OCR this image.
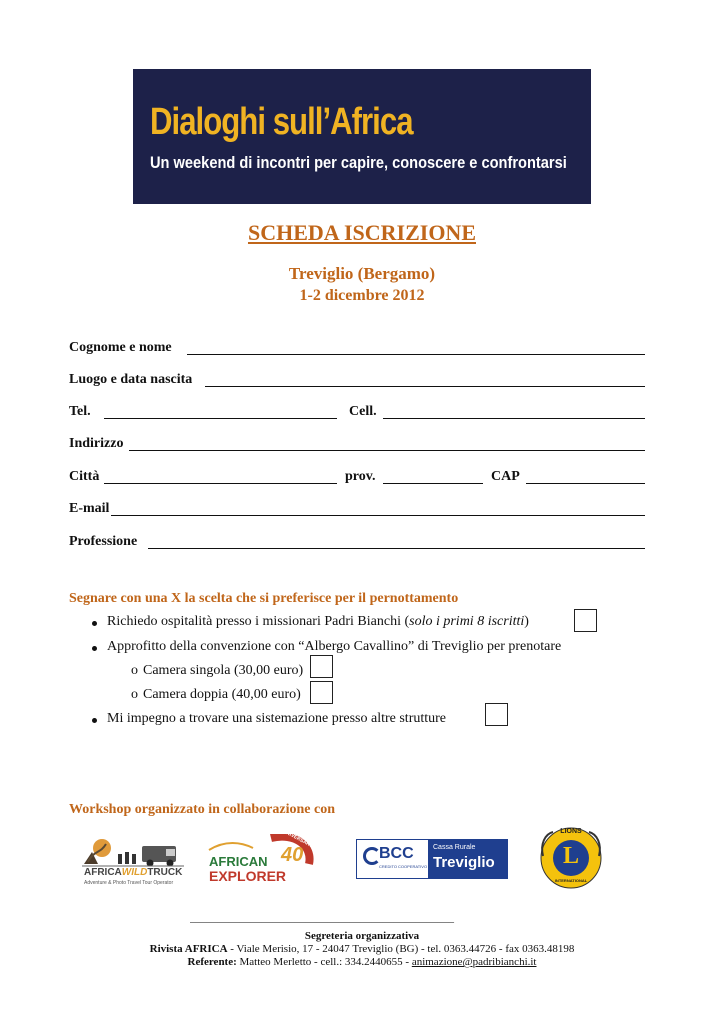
Dialoghi sull’Africa
Un weekend di incontri per capire, conoscere e confrontarsi
SCHEDA ISCRIZIONE
Treviglio (Bergamo)
1-2 dicembre 2012
Cognome e nome
Luogo e data nascita
Tel.	Cell.
Indirizzo
Città	prov.	CAP
E-mail
Professione
Segnare con una X la scelta che si preferisce per il pernottamento
Richiedo ospitalità presso i missionari Padri Bianchi (solo i primi 8 iscritti)
Approfitto della convenzione con “Albergo Cavallino” di Treviglio per prenotare
o Camera singola (30,00 euro)
o Camera doppia (40,00 euro)
Mi impegno a trovare una sistemazione presso altre strutture
Workshop organizzato in collaborazione con
AFRICAWILDTRUCK
Adventure & Photo Travel Tour Operator
ANNIVERSARY
40
AFRICAN
EXPLORER
BCC
CREDITO COOPERATIVO
Cassa Rurale
Treviglio
LIONS
L
INTERNATIONAL
________________________________________________
Segreteria organizzativa
Rivista AFRICA - Viale Merisio, 17 - 24047 Treviglio (BG) - tel. 0363.44726 - fax 0363.48198
Referente: Matteo Merletto - cell.: 334.2440655 - animazione@padribianchi.it
